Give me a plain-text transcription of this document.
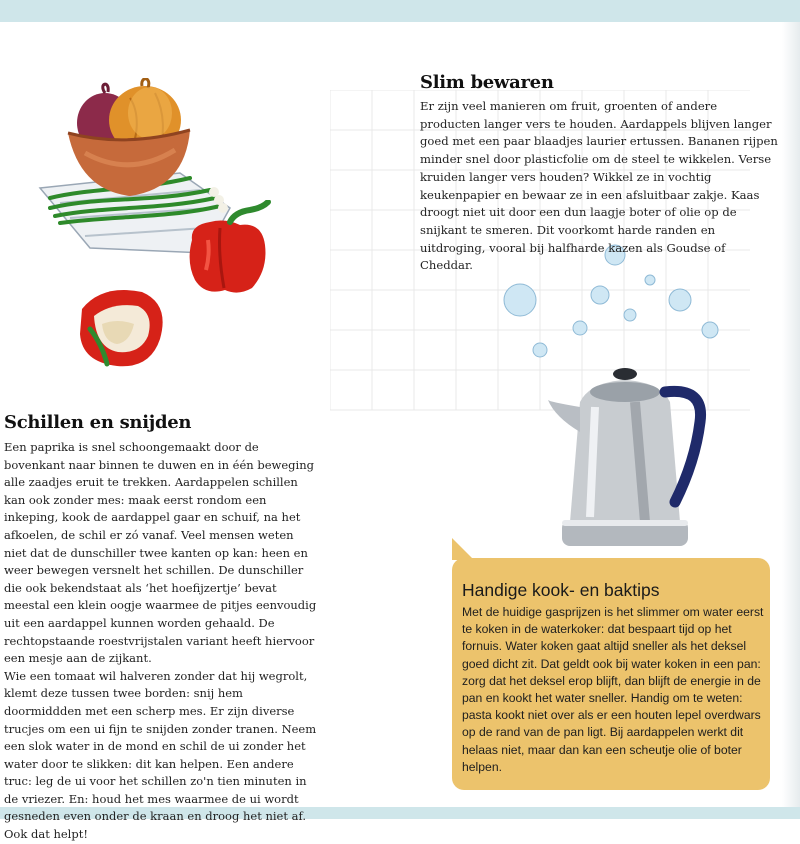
Slim bewaren

Er zijn veel manieren om fruit, groenten of andere producten langer vers te houden. Aardappels blijven langer goed met een paar blaadjes laurier ertussen. Bananen rijpen minder snel door plasticfolie om de steel te wikkelen. Verse kruiden langer vers houden? Wikkel ze in vochtig keukenpapier en bewaar ze in een afsluitbaar zakje. Kaas droogt niet uit door een dun laagje boter of olie op de snijkant te smeren. Dit voorkomt harde randen en uitdroging, vooral bij halfharde kazen als Goudse of Cheddar.

Schillen en snijden

Een paprika is snel schoongemaakt door de bovenkant naar binnen te duwen en in één beweging alle zaadjes eruit te trekken. Aardappelen schillen kan ook zonder mes: maak eerst rondom een inkeping, kook de aardappel gaar en schuif, na het afkoelen, de schil er zó vanaf. Veel mensen weten niet dat de dunschiller twee kanten op kan: heen en weer bewegen versnelt het schillen. De dunschiller die ook bekendstaat als ‘het hoefijzertje’ bevat meestal een klein oogje waarmee de pitjes eenvoudig uit een aardappel kunnen worden gehaald. De rechtopstaande roestvrijstalen variant heeft hiervoor een mesje aan de zijkant.

Wie een tomaat wil halveren zonder dat hij wegrolt, klemt deze tussen twee borden: snij hem doormiddden met een scherp mes. Er zijn diverse trucjes om een ui fijn te snijden zonder tranen. Neem een slok water in de mond en schil de ui zonder het water door te slikken: dit kan helpen. Een andere truc: leg de ui voor het schillen zo'n tien minuten in de vriezer. En: houd het mes waarmee de ui wordt gesneden even onder de kraan en droog het niet af. Ook dat helpt!

Handige kook- en baktips

Met de huidige gasprijzen is het slimmer om water eerst te koken in de waterkoker: dat bespaart tijd op het fornuis. Water koken gaat altijd sneller als het deksel goed dicht zit. Dat geldt ook bij water koken in een pan: zorg dat het deksel erop blijft, dan blijft de energie in de pan en kookt het water sneller. Handig om te weten: pasta kookt niet over als er een houten lepel overdwars op de rand van de pan ligt. Bij aardappelen werkt dit helaas niet, maar dan kan een scheutje olie of boter helpen.
